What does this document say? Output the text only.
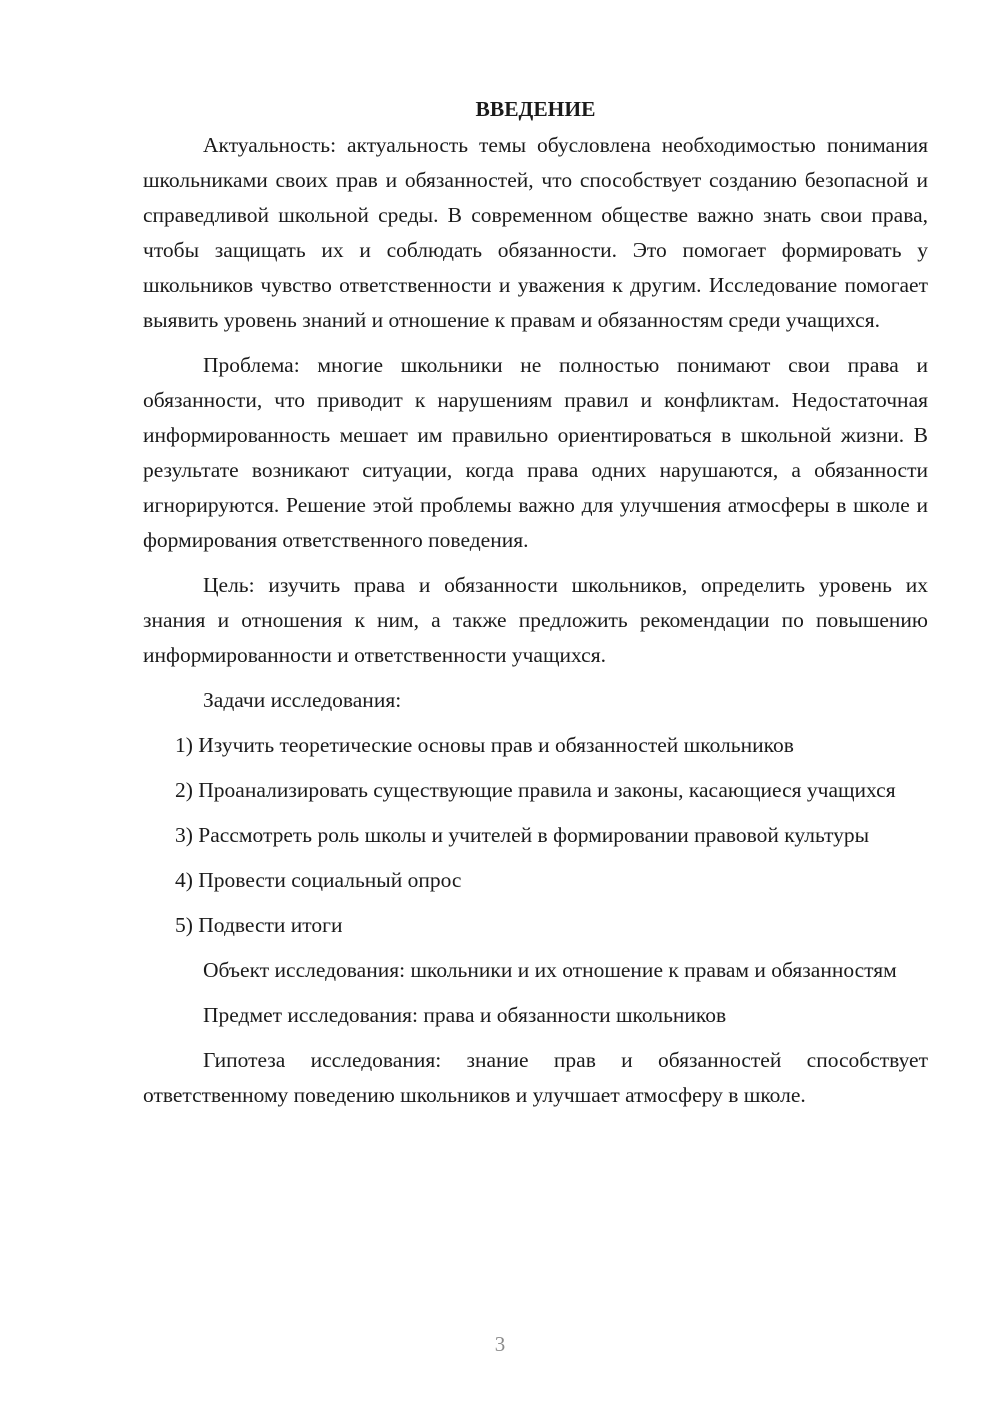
ВВЕДЕНИЕ

Актуальность: актуальность темы обусловлена необходимостью понимания школьниками своих прав и обязанностей, что способствует созданию безопасной и справедливой школьной среды. В современном обществе важно знать свои права, чтобы защищать их и соблюдать обязанности. Это помогает формировать у школьников чувство ответственности и уважения к другим. Исследование помогает выявить уровень знаний и отношение к правам и обязанностям среди учащихся.

Проблема: многие школьники не полностью понимают свои права и обязанности, что приводит к нарушениям правил и конфликтам. Недостаточная информированность мешает им правильно ориентироваться в школьной жизни. В результате возникают ситуации, когда права одних нарушаются, а обязанности игнорируются. Решение этой проблемы важно для улучшения атмосферы в школе и формирования ответственного поведения.

Цель: изучить права и обязанности школьников, определить уровень их знания и отношения к ним, а также предложить рекомендации по повышению информированности и ответственности учащихся.

Задачи исследования:

1) Изучить теоретические основы прав и обязанностей школьников

2) Проанализировать существующие правила и законы, касающиеся учащихся

3) Рассмотреть роль школы и учителей в формировании правовой культуры

4) Провести социальный опрос

5) Подвести итоги

Объект исследования: школьники и их отношение к правам и обязанностям

Предмет исследования: права и обязанности школьников

Гипотеза исследования: знание прав и обязанностей способствует ответственному поведению школьников и улучшает атмосферу в школе.

3
